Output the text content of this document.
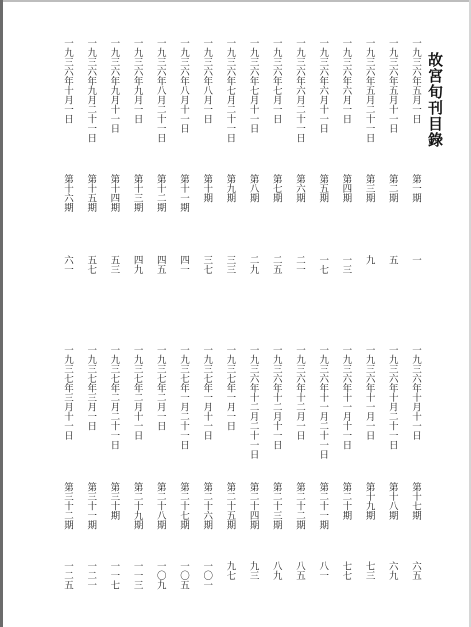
故宮旬刊目錄
一九三六年五月一日
第一期
一
一九三六年五月十一日
第二期
五
一九三六年五月二十一日
第三期
九
一九三六年六月一日
第四期
一三
一九三六年六月十一日
第五期
一七
一九三六年六月二十一日
第六期
二一
一九三六年七月一日
第七期
二五
一九三六年七月十一日
第八期
二九
一九三六年七月二十一日
第九期
三三
一九三六年八月一日
第十期
三七
一九三六年八月十一日
第十一期
四一
一九三六年八月二十一日
第十二期
四五
一九三六年九月一日
第十三期
四九
一九三六年九月十一日
第十四期
五三
一九三六年九月二十一日
第十五期
五七
一九三六年十月一日
第十六期
六一
一九三六年十月十一日
第十七期
六五
一九三六年十月二十一日
第十八期
六九
一九三六年十一月一日
第十九期
七三
一九三六年十一月十一日
第二十期
七七
一九三六年十一月二十一日
第二十一期
八一
一九三六年十二月一日
第二十二期
八五
一九三六年十二月十一日
第二十三期
八九
一九三六年十二月二十一日
第二十四期
九三
一九三七年一月一日
第二十五期
九七
一九三七年一月十一日
第二十六期
一〇一
一九三七年一月二十一日
第二十七期
一〇五
一九三七年二月一日
第二十八期
一〇九
一九三七年二月十一日
第二十九期
一一三
一九三七年二月二十一日
第三十期
一一七
一九三七年三月一日
第三十一期
一二一
一九三七年三月十一日
第三十二期
一二五
